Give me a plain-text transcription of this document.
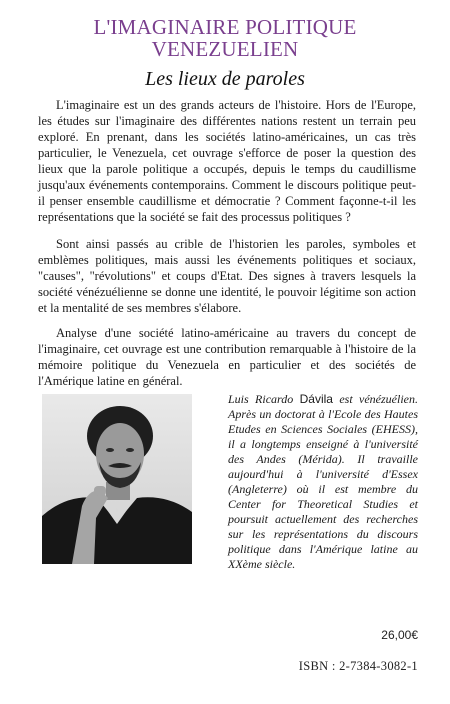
L'IMAGINAIRE POLITIQUE
VENEZUELIEN
Les lieux de paroles

L'imaginaire est un des grands acteurs de l'histoire. Hors de l'Europe, les études sur l'imaginaire des différentes nations restent un terrain peu exploré. En prenant, dans les sociétés latino-américaines, un cas très particulier, le Venezuela, cet ouvrage s'efforce de poser la question des lieux que la parole politique a occupés, depuis le temps du caudillisme jusqu'aux événements contemporains. Comment le discours politique peut-il penser ensemble caudillisme et démocratie ? Comment façonne-t-il les représentations que la société se fait des processus politiques ?

Sont ainsi passés au crible de l'historien les paroles, symboles et emblèmes politiques, mais aussi les événements politiques et sociaux, "causes", "révolutions" et coups d'Etat. Des signes à travers lesquels la société vénézuélienne se donne une identité, le pouvoir légitime son action et la mentalité de ses membres s'élabore.

Analyse d'une société latino-américaine au travers du concept de l'imaginaire, cet ouvrage est une contribution remarquable à l'histoire de la mémoire politique du Venezuela en particulier et des sociétés de l'Amérique latine en général.

Luis Ricardo Dávila est vénézuélien. Après un doctorat à l'Ecole des Hautes Etudes en Sciences Sociales (EHESS), il a longtemps enseigné à l'université des Andes (Mérida). Il travaille aujourd'hui à l'université d'Essex (Angleterre) où il est membre du Center for Theoretical Studies et poursuit actuellement des recherches sur les représentations du discours politique dans l'Amérique latine au XXème siècle.

26,00€
ISBN : 2-7384-3082-1
